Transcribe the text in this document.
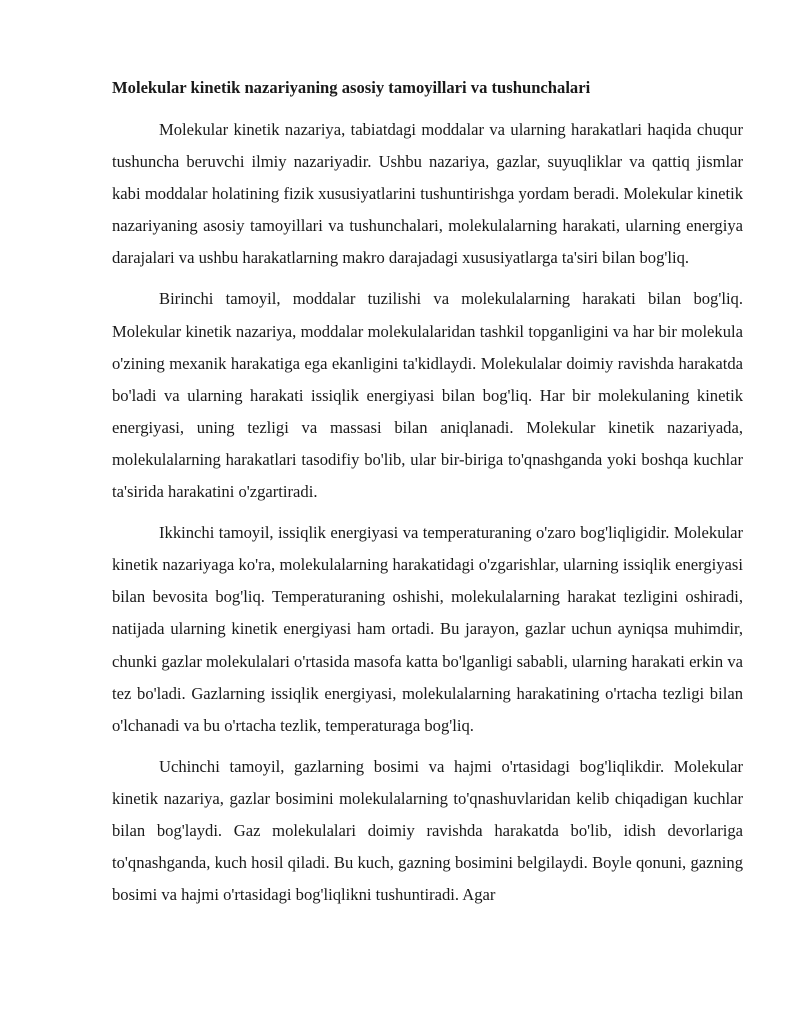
Molekular kinetik nazariyaning asosiy tamoyillari va tushunchalari

Molekular kinetik nazariya, tabiatdagi moddalar va ularning harakatlari haqida chuqur tushuncha beruvchi ilmiy nazariyadir. Ushbu nazariya, gazlar, suyuqliklar va qattiq jismlar kabi moddalar holatining fizik xususiyatlarini tushuntirishga yordam beradi. Molekular kinetik nazariyaning asosiy tamoyillari va tushunchalari, molekulalarning harakati, ularning energiya darajalari va ushbu harakatlarning makro darajadagi xususiyatlarga ta'siri bilan bog'liq.

Birinchi tamoyil, moddalar tuzilishi va molekulalarning harakati bilan bog'liq. Molekular kinetik nazariya, moddalar molekulalaridan tashkil topganligini va har bir molekula o'zining mexanik harakatiga ega ekanligini ta'kidlaydi. Molekulalar doimiy ravishda harakatda bo'ladi va ularning harakati issiqlik energiyasi bilan bog'liq. Har bir molekulaning kinetik energiyasi, uning tezligi va massasi bilan aniqlanadi. Molekular kinetik nazariyada, molekulalarning harakatlari tasodifiy bo'lib, ular bir-biriga to'qnashganda yoki boshqa kuchlar ta'sirida harakatini o'zgartiradi.

Ikkinchi tamoyil, issiqlik energiyasi va temperaturaning o'zaro bog'liqligidir. Molekular kinetik nazariyaga ko'ra, molekulalarning harakatidagi o'zgarishlar, ularning issiqlik energiyasi bilan bevosita bog'liq. Temperaturaning oshishi, molekulalarning harakat tezligini oshiradi, natijada ularning kinetik energiyasi ham ortadi. Bu jarayon, gazlar uchun ayniqsa muhimdir, chunki gazlar molekulalari o'rtasida masofa katta bo'lganligi sababli, ularning harakati erkin va tez bo'ladi. Gazlarning issiqlik energiyasi, molekulalarning harakatining o'rtacha tezligi bilan o'lchanadi va bu o'rtacha tezlik, temperaturaga bog'liq.

Uchinchi tamoyil, gazlarning bosimi va hajmi o'rtasidagi bog'liqlikdir. Molekular kinetik nazariya, gazlar bosimini molekulalarning to'qnashuvlaridan kelib chiqadigan kuchlar bilan bog'laydi. Gaz molekulalari doimiy ravishda harakatda bo'lib, idish devorlariga to'qnashganda, kuch hosil qiladi. Bu kuch, gazning bosimini belgilaydi. Boyle qonuni, gazning bosimi va hajmi o'rtasidagi bog'liqlikni tushuntiradi. Agar
